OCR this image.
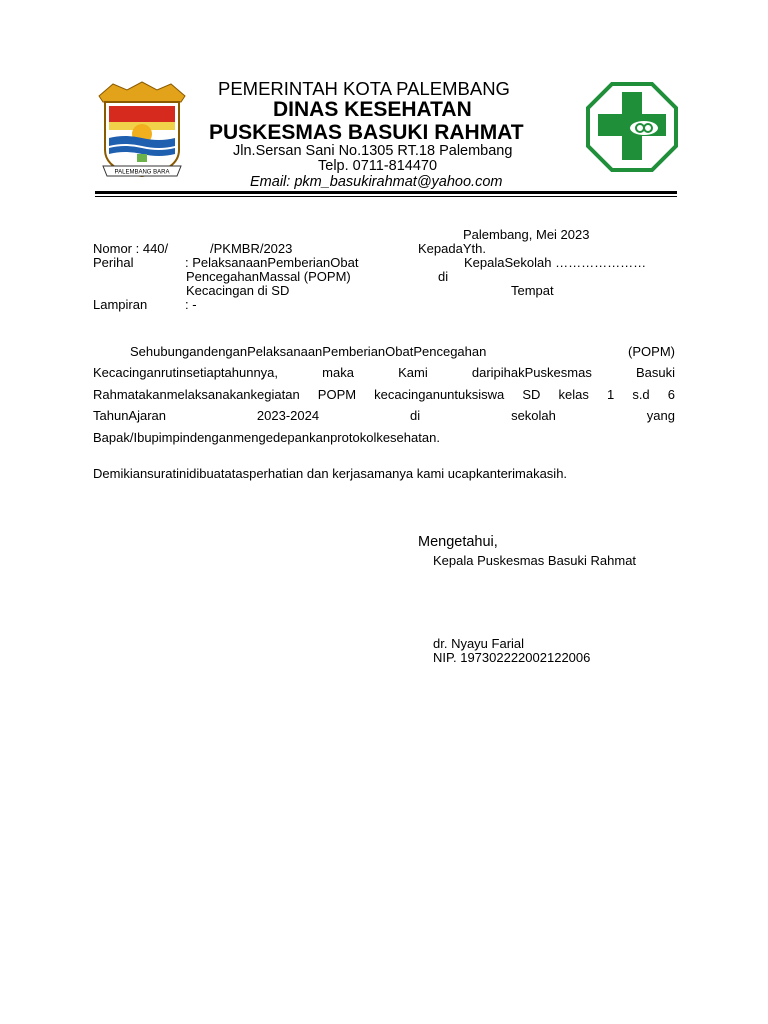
PALEMBANG BARA
PEMERINTAH KOTA PALEMBANG
DINAS KESEHATAN
PUSKESMAS BASUKI RAHMAT
Jln.Sersan Sani No.1305 RT.18 Palembang
Telp. 0711-814470
Email: pkm_basukirahmat@yahoo.com
Palembang, Mei 2023
Nomor : 440/	/PKMBR/2023	KepadaYth.
Perihal	: PelaksanaanPemberianObat	KepalaSekolah …………………
PencegahanMassal (POPM)	di
Kecacingan di SD	Tempat
Lampiran	: -
SehubungandenganPelaksanaanPemberianObatPencegahan                                  (POPM)
Kecacinganrutinsetiaptahunnya,        maka        Kami        daripihakPuskesmas        Basuki
Rahmatakanmelaksanakankegiatan  POPM  kecacinganuntuksiswa  SD  kelas  1  s.d  6
TahunAjaran                    2023-2024                    di                    sekolah                    yang
Bapak/Ibupimpindenganmengedepankanprotokolkesehatan.
Demikiansuratinidibuatatasperhatian dan kerjasamanya kami ucapkanterimakasih.
Mengetahui,
Kepala Puskesmas Basuki Rahmat
dr. Nyayu Farial
NIP. 197302222002122006
